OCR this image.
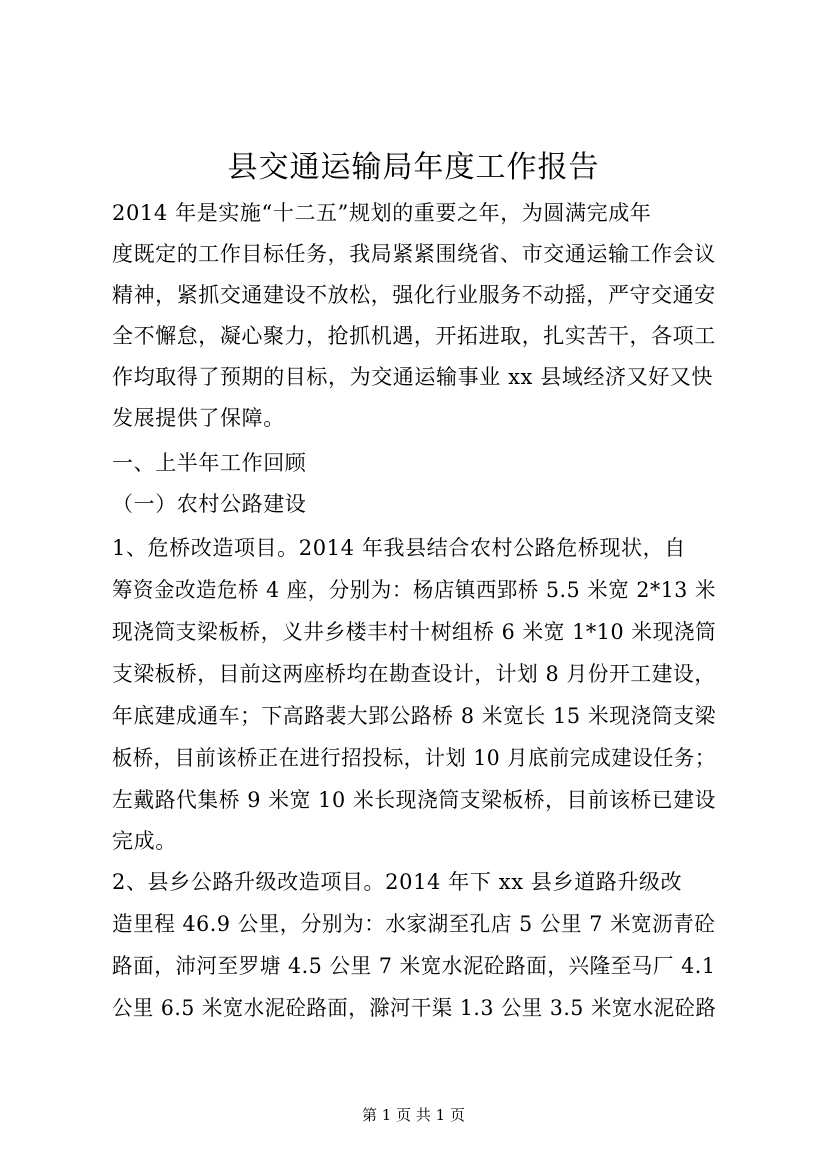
县交通运输局年度工作报告
2014 年是实施“十二五”规划的重要之年，为圆满完成年
度既定的工作目标任务，我局紧紧围绕省、市交通运输工作会议
精神，紧抓交通建设不放松，强化行业服务不动摇，严守交通安
全不懈怠，凝心聚力，抢抓机遇，开拓进取，扎实苦干，各项工
作均取得了预期的目标，为交通运输事业 xx 县域经济又好又快
发展提供了保障。
一、上半年工作回顾
（一）农村公路建设
1、危桥改造项目。2014 年我县结合农村公路危桥现状，自
筹资金改造危桥 4 座，分别为：杨店镇西郢桥 5.5 米宽 2*13 米
现浇筒支梁板桥，义井乡楼丰村十树组桥 6 米宽 1*10 米现浇筒
支梁板桥，目前这两座桥均在勘查设计，计划 8 月份开工建设，
年底建成通车；下高路裴大郢公路桥 8 米宽长 15 米现浇筒支梁
板桥，目前该桥正在进行招投标，计划 10 月底前完成建设任务；
左戴路代集桥 9 米宽 10 米长现浇筒支梁板桥，目前该桥已建设
完成。
2、县乡公路升级改造项目。2014 年下 xx 县乡道路升级改
造里程 46.9 公里，分别为：水家湖至孔店 5 公里 7 米宽沥青砼
路面，沛河至罗塘 4.5 公里 7 米宽水泥砼路面，兴隆至马厂 4.1
公里 6.5 米宽水泥砼路面，滁河干渠 1.3 公里 3.5 米宽水泥砼路
第 1 页 共 1 页
